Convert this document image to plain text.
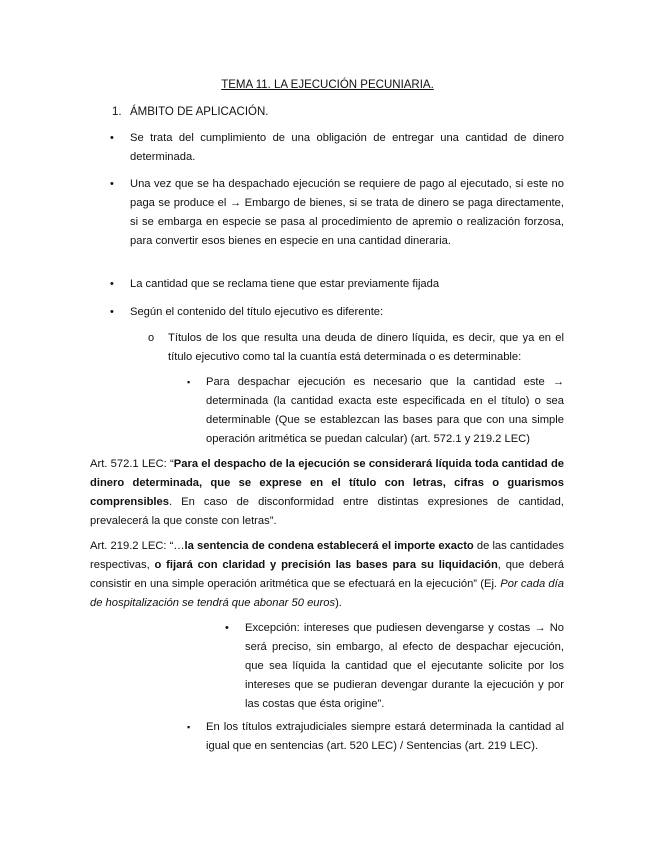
TEMA 11. LA EJECUCIÓN PECUNIARIA.
1. ÁMBITO DE APLICACIÓN.
• Se trata del cumplimiento de una obligación de entregar una cantidad de dinero determinada.
• Una vez que se ha despachado ejecución se requiere de pago al ejecutado, si este no paga se produce el → Embargo de bienes, si se trata de dinero se paga directamente, si se embarga en especie se pasa al procedimiento de apremio o realización forzosa, para convertir esos bienes en especie en una cantidad dineraria.
• La cantidad que se reclama tiene que estar previamente fijada
• Según el contenido del título ejecutivo es diferente:
o Títulos de los que resulta una deuda de dinero líquida, es decir, que ya en el título ejecutivo como tal la cuantía está determinada o es determinable:
▪ Para despachar ejecución es necesario que la cantidad este → determinada (la cantidad exacta este especificada en el título) o sea determinable (Que se establezcan las bases para que con una simple operación aritmética se puedan calcular) (art. 572.1 y 219.2 LEC)
Art. 572.1 LEC: “Para el despacho de la ejecución se considerará líquida toda cantidad de dinero determinada, que se exprese en el título con letras, cifras o guarismos comprensibles. En caso de disconformidad entre distintas expresiones de cantidad, prevalecerá la que conste con letras”.
Art. 219.2 LEC: “…la sentencia de condena establecerá el importe exacto de las cantidades respectivas, o fijará con claridad y precisión las bases para su liquidación, que deberá consistir en una simple operación aritmética que se efectuará en la ejecución” (Ej. Por cada día de hospitalización se tendrá que abonar 50 euros).
• Excepción: intereses que pudiesen devengarse y costas → No será preciso, sin embargo, al efecto de despachar ejecución, que sea líquida la cantidad que el ejecutante solicite por los intereses que se pudieran devengar durante la ejecución y por las costas que ésta origine”.
▪ En los títulos extrajudiciales siempre estará determinada la cantidad al igual que en sentencias (art. 520 LEC) / Sentencias (art. 219 LEC).
